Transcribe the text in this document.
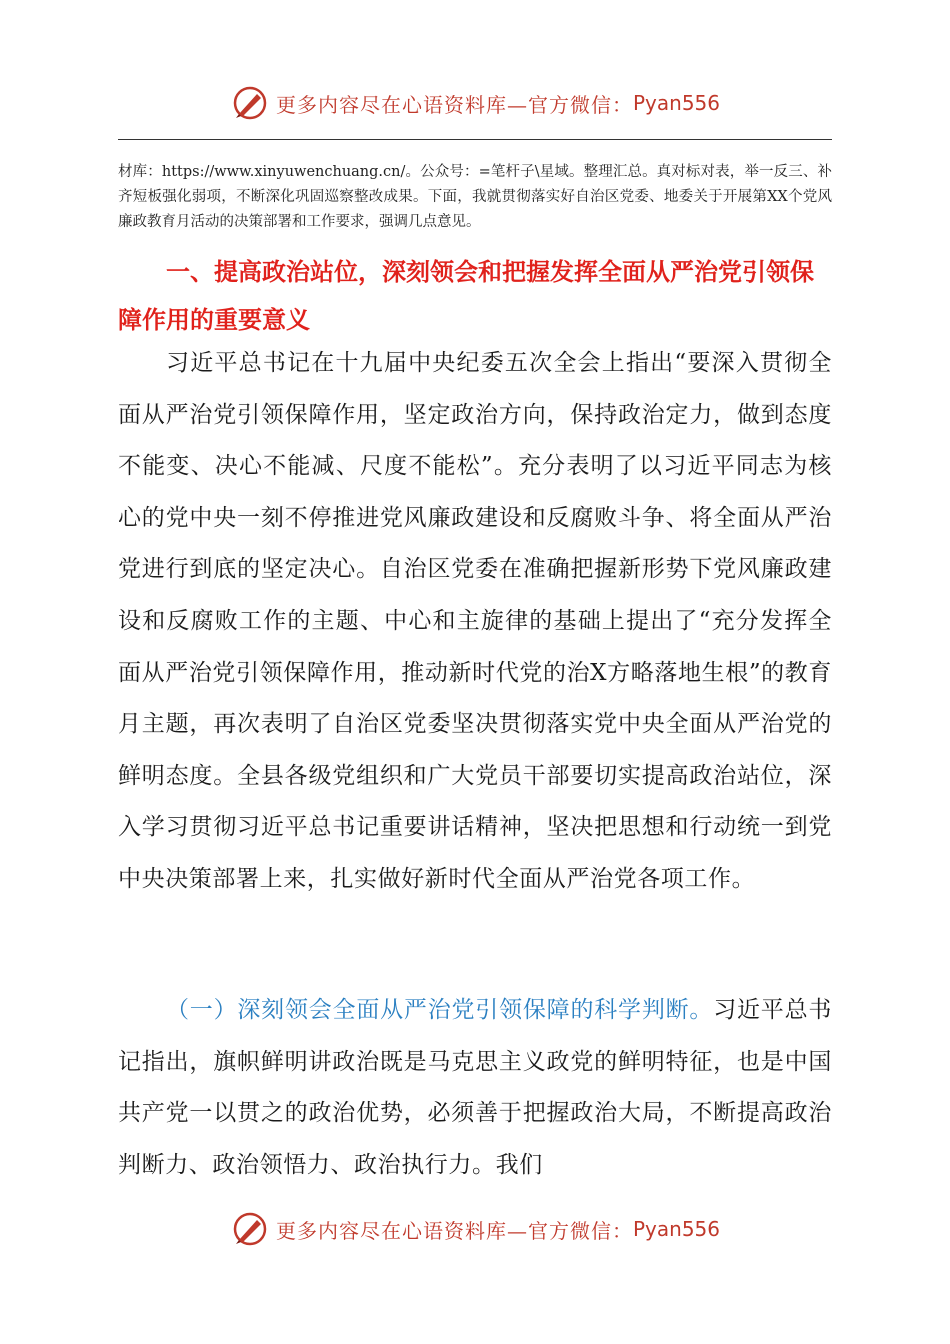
更多内容尽在心语资料库—官方微信： Pyan556
材库：https://www.xinyuwenchuang.cn/。公众号：=笔杆子\星域。整理汇总。真对标对表，举一反三、补齐短板强化弱项，不断深化巩固巡察整改成果。下面，我就贯彻落实好自治区党委、地委关于开展第XX个党风廉政教育月活动的决策部署和工作要求，强调几点意见。
一、提高政治站位，深刻领会和把握发挥全面从严治党引领保障作用的重要意义
习近平总书记在十九届中央纪委五次全会上指出“要深入贯彻全面从严治党引领保障作用，坚定政治方向，保持政治定力，做到态度不能变、决心不能减、尺度不能松”。充分表明了以习近平同志为核心的党中央一刻不停推进党风廉政建设和反腐败斗争、将全面从严治党进行到底的坚定决心。自治区党委在准确把握新形势下党风廉政建设和反腐败工作的主题、中心和主旋律的基础上提出了“充分发挥全面从严治党引领保障作用，推动新时代党的治X方略落地生根”的教育月主题，再次表明了自治区党委坚决贯彻落实党中央全面从严治党的鲜明态度。全县各级党组织和广大党员干部要切实提高政治站位，深入学习贯彻习近平总书记重要讲话精神，坚决把思想和行动统一到党中央决策部署上来，扎实做好新时代全面从严治党各项工作。
（一）深刻领会全面从严治党引领保障的科学判断。习近平总书记指出，旗帜鲜明讲政治既是马克思主义政党的鲜明特征，也是中国共产党一以贯之的政治优势，必须善于把握政治大局，不断提高政治判断力、政治领悟力、政治执行力。我们
更多内容尽在心语资料库—官方微信： Pyan556
